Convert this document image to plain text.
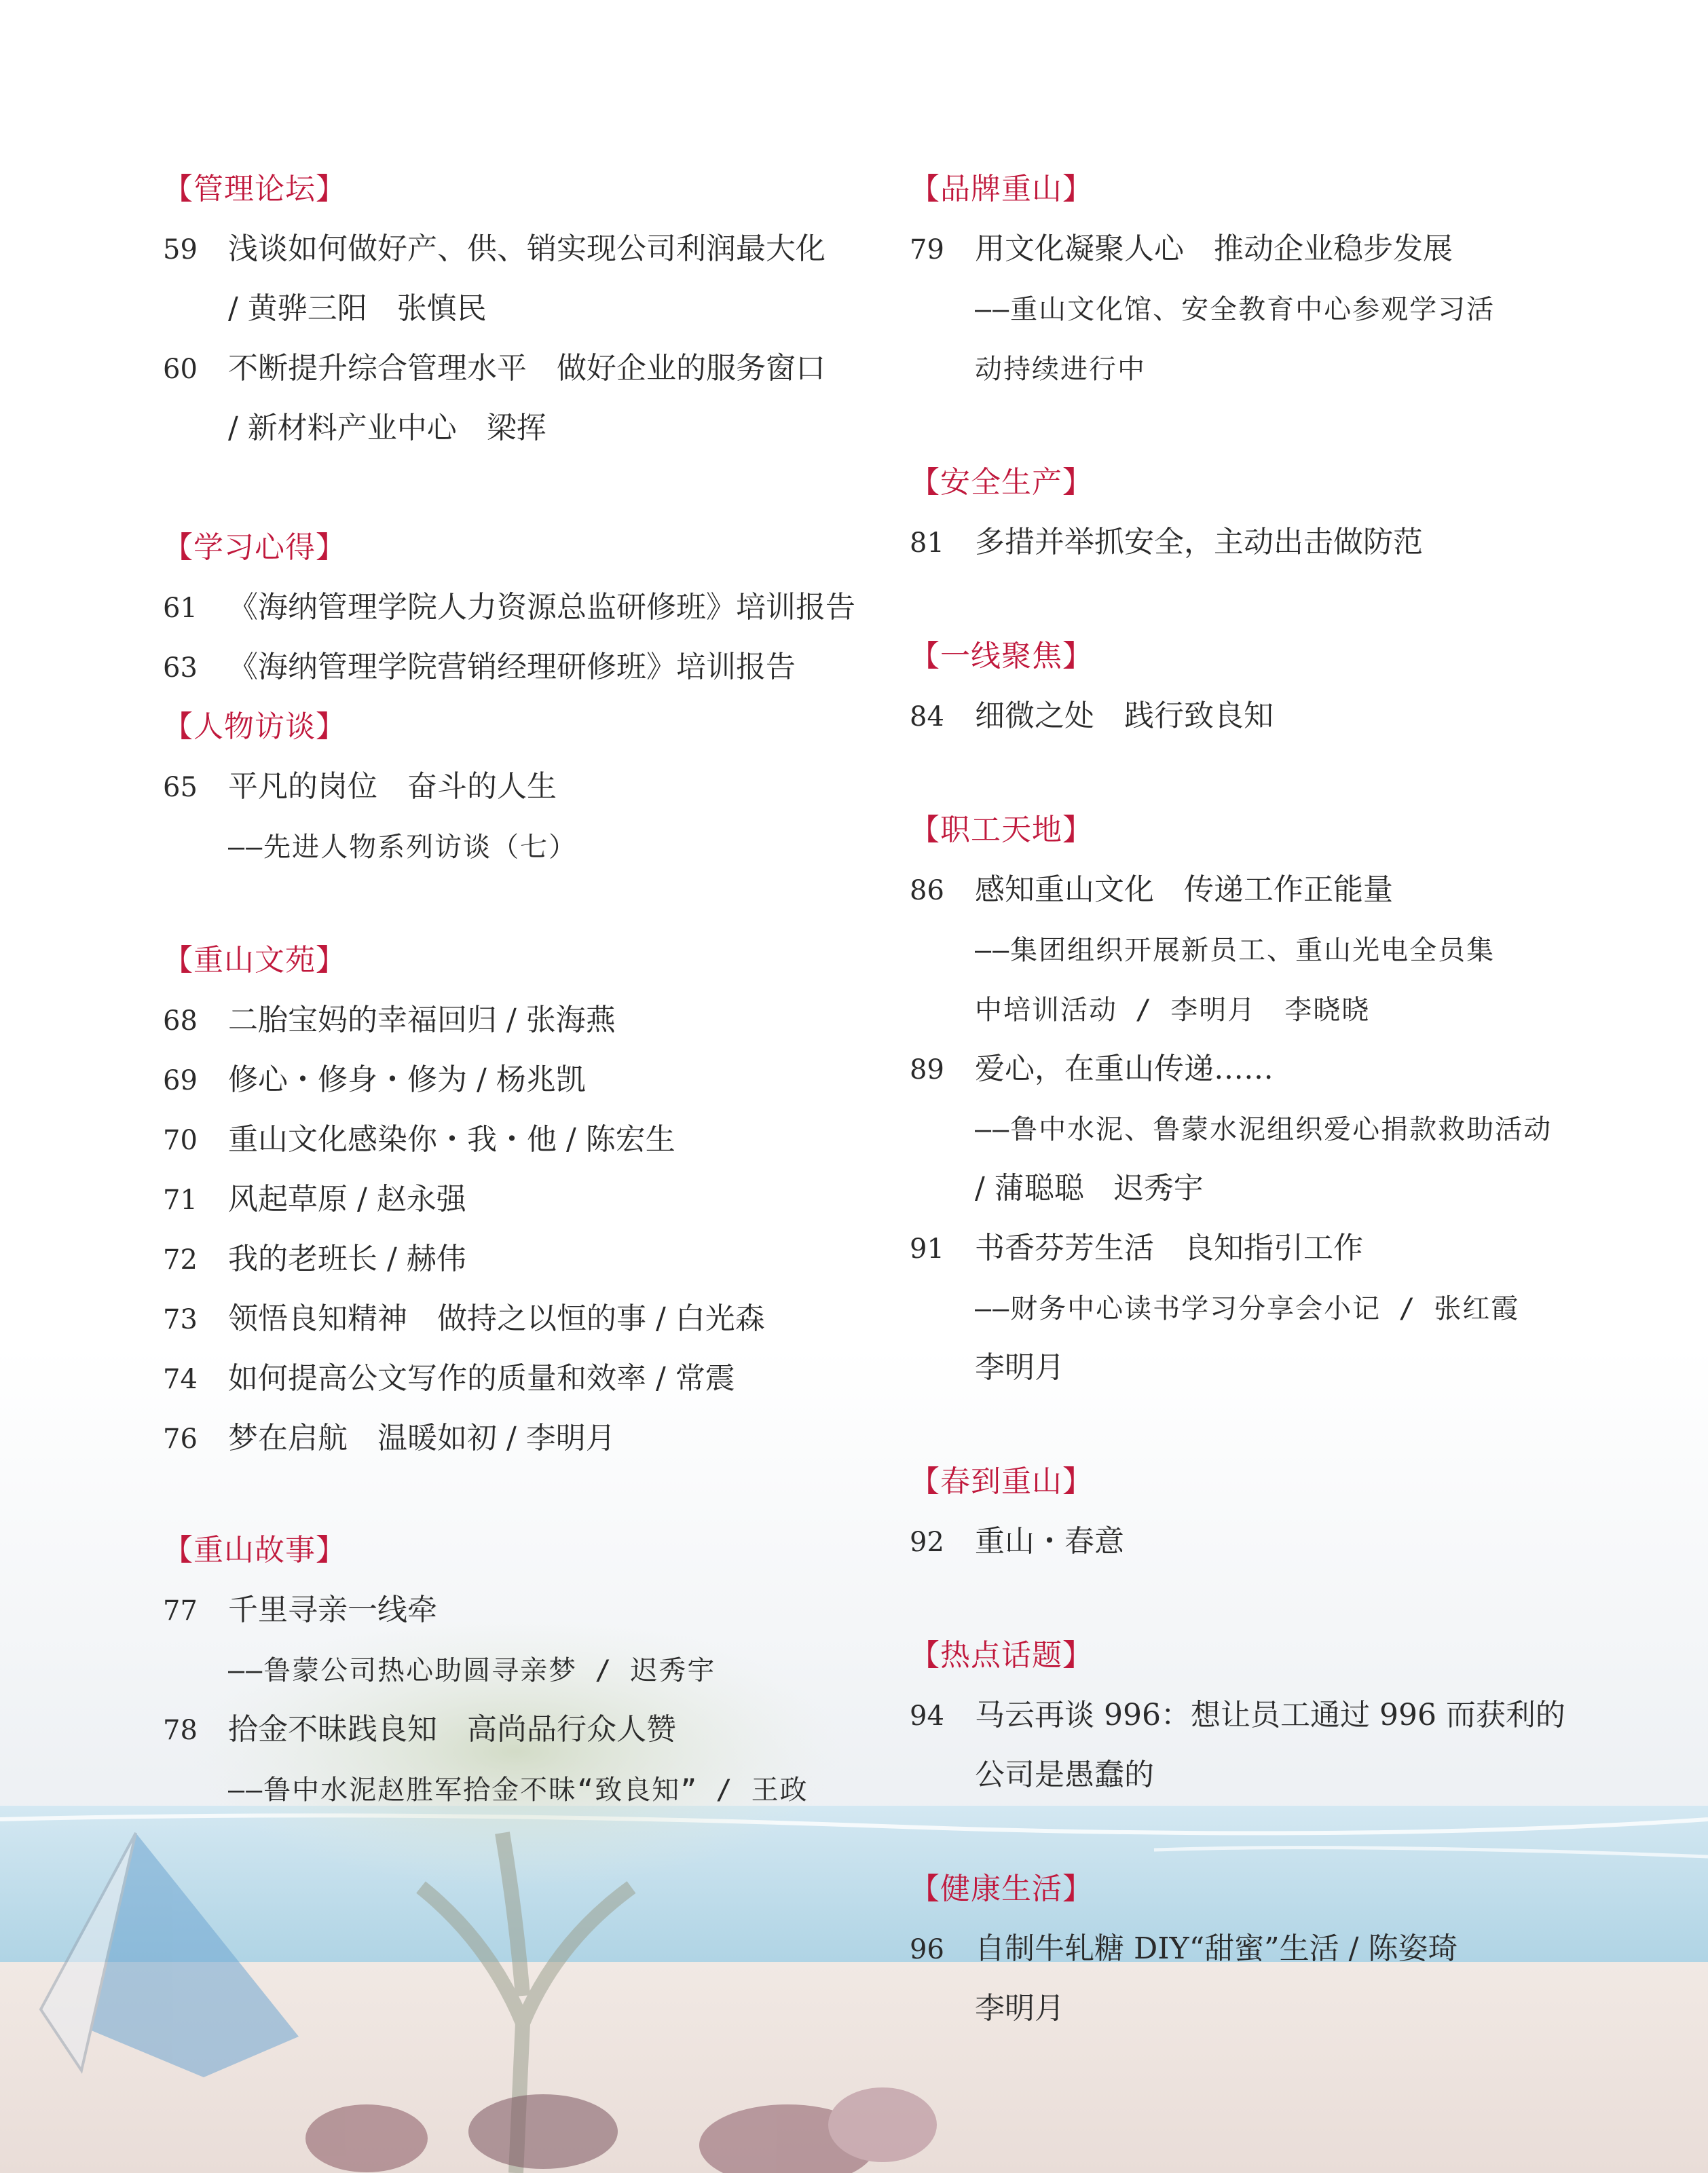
【管理论坛】
59 浅谈如何做好产、供、销实现公司利润最大化
/ 黄骅三阳　张慎民
60 不断提升综合管理水平　做好企业的服务窗口
/ 新材料产业中心　梁挥
【学习心得】
61 《海纳管理学院人力资源总监研修班》培训报告
63 《海纳管理学院营销经理研修班》培训报告
【人物访谈】
65 平凡的岗位　奋斗的人生
——先进人物系列访谈（七）
【重山文苑】
68 二胎宝妈的幸福回归 / 张海燕
69 修心・修身・修为 / 杨兆凯
70 重山文化感染你・我・他 / 陈宏生
71 风起草原 / 赵永强
72 我的老班长 / 赫伟
73 领悟良知精神　做持之以恒的事 / 白光森
74 如何提高公文写作的质量和效率 / 常震
76 梦在启航　温暖如初 / 李明月
【重山故事】
77 千里寻亲一线牵
——鲁蒙公司热心助圆寻亲梦 / 迟秀宇
78 拾金不昧践良知　高尚品行众人赞
——鲁中水泥赵胜军拾金不昧“致良知” / 王政
【品牌重山】
79 用文化凝聚人心　推动企业稳步发展
——重山文化馆、安全教育中心参观学习活
动持续进行中
【安全生产】
81 多措并举抓安全，主动出击做防范
【一线聚焦】
84 细微之处　践行致良知
【职工天地】
86 感知重山文化　传递工作正能量
——集团组织开展新员工、重山光电全员集
中培训活动 / 李明月　李晓晓
89 爱心，在重山传递……
——鲁中水泥、鲁蒙水泥组织爱心捐款救助活动
/ 蒲聪聪　迟秀宇
91 书香芬芳生活　良知指引工作
——财务中心读书学习分享会小记 / 张红霞
李明月
【春到重山】
92 重山・春意
【热点话题】
94 马云再谈 996：想让员工通过 996 而获利的
公司是愚蠢的
【健康生活】
96 自制牛轧糖 DIY“甜蜜”生活 / 陈姿琦
李明月
